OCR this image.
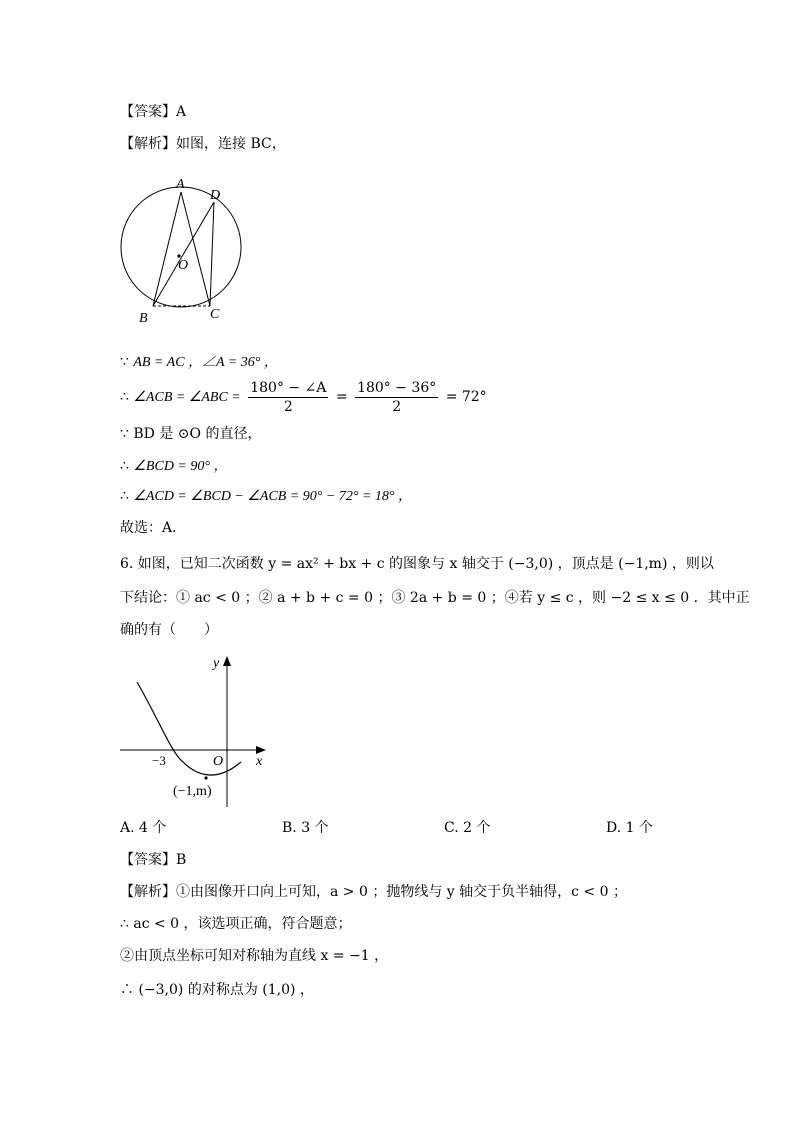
【答案】A
【解析】如图，连接 BC，
A
D
O
B	C
∵ AB = AC ，∠A = 36° ，
∴ ∠ACB = ∠ABC = $\frac{180^\circ - \angle A}{2} = \frac{180^\circ - 36^\circ}{2} = 72^\circ$
∵ BD 是 ⊙O 的直径，
∴ ∠BCD = 90° ，
∴ ∠ACD = ∠BCD − ∠ACB = 90° − 72° = 18° ，
故选：A．
6. 如图，已知二次函数 y = ax² + bx + c 的图象与 x 轴交于 (−3,0) ，顶点是 (−1,m) ，则以
下结论：① ac < 0 ；② a + b + c = 0 ；③ 2a + b = 0 ；④若 y ≤ c ，则 −2 ≤ x ≤ 0 ．其中正
确的有（　　）
y
x
−3	O
(−1,m)
A. 4 个	B. 3 个	C. 2 个	D. 1 个
【答案】B
【解析】①由图像开口向上可知，a > 0 ；抛物线与 y 轴交于负半轴得，c < 0 ；
∴ ac < 0 ，该选项正确，符合题意；
②由顶点坐标可知对称轴为直线 x = −1 ，
∴ (−3,0) 的对称点为 (1,0) ，
